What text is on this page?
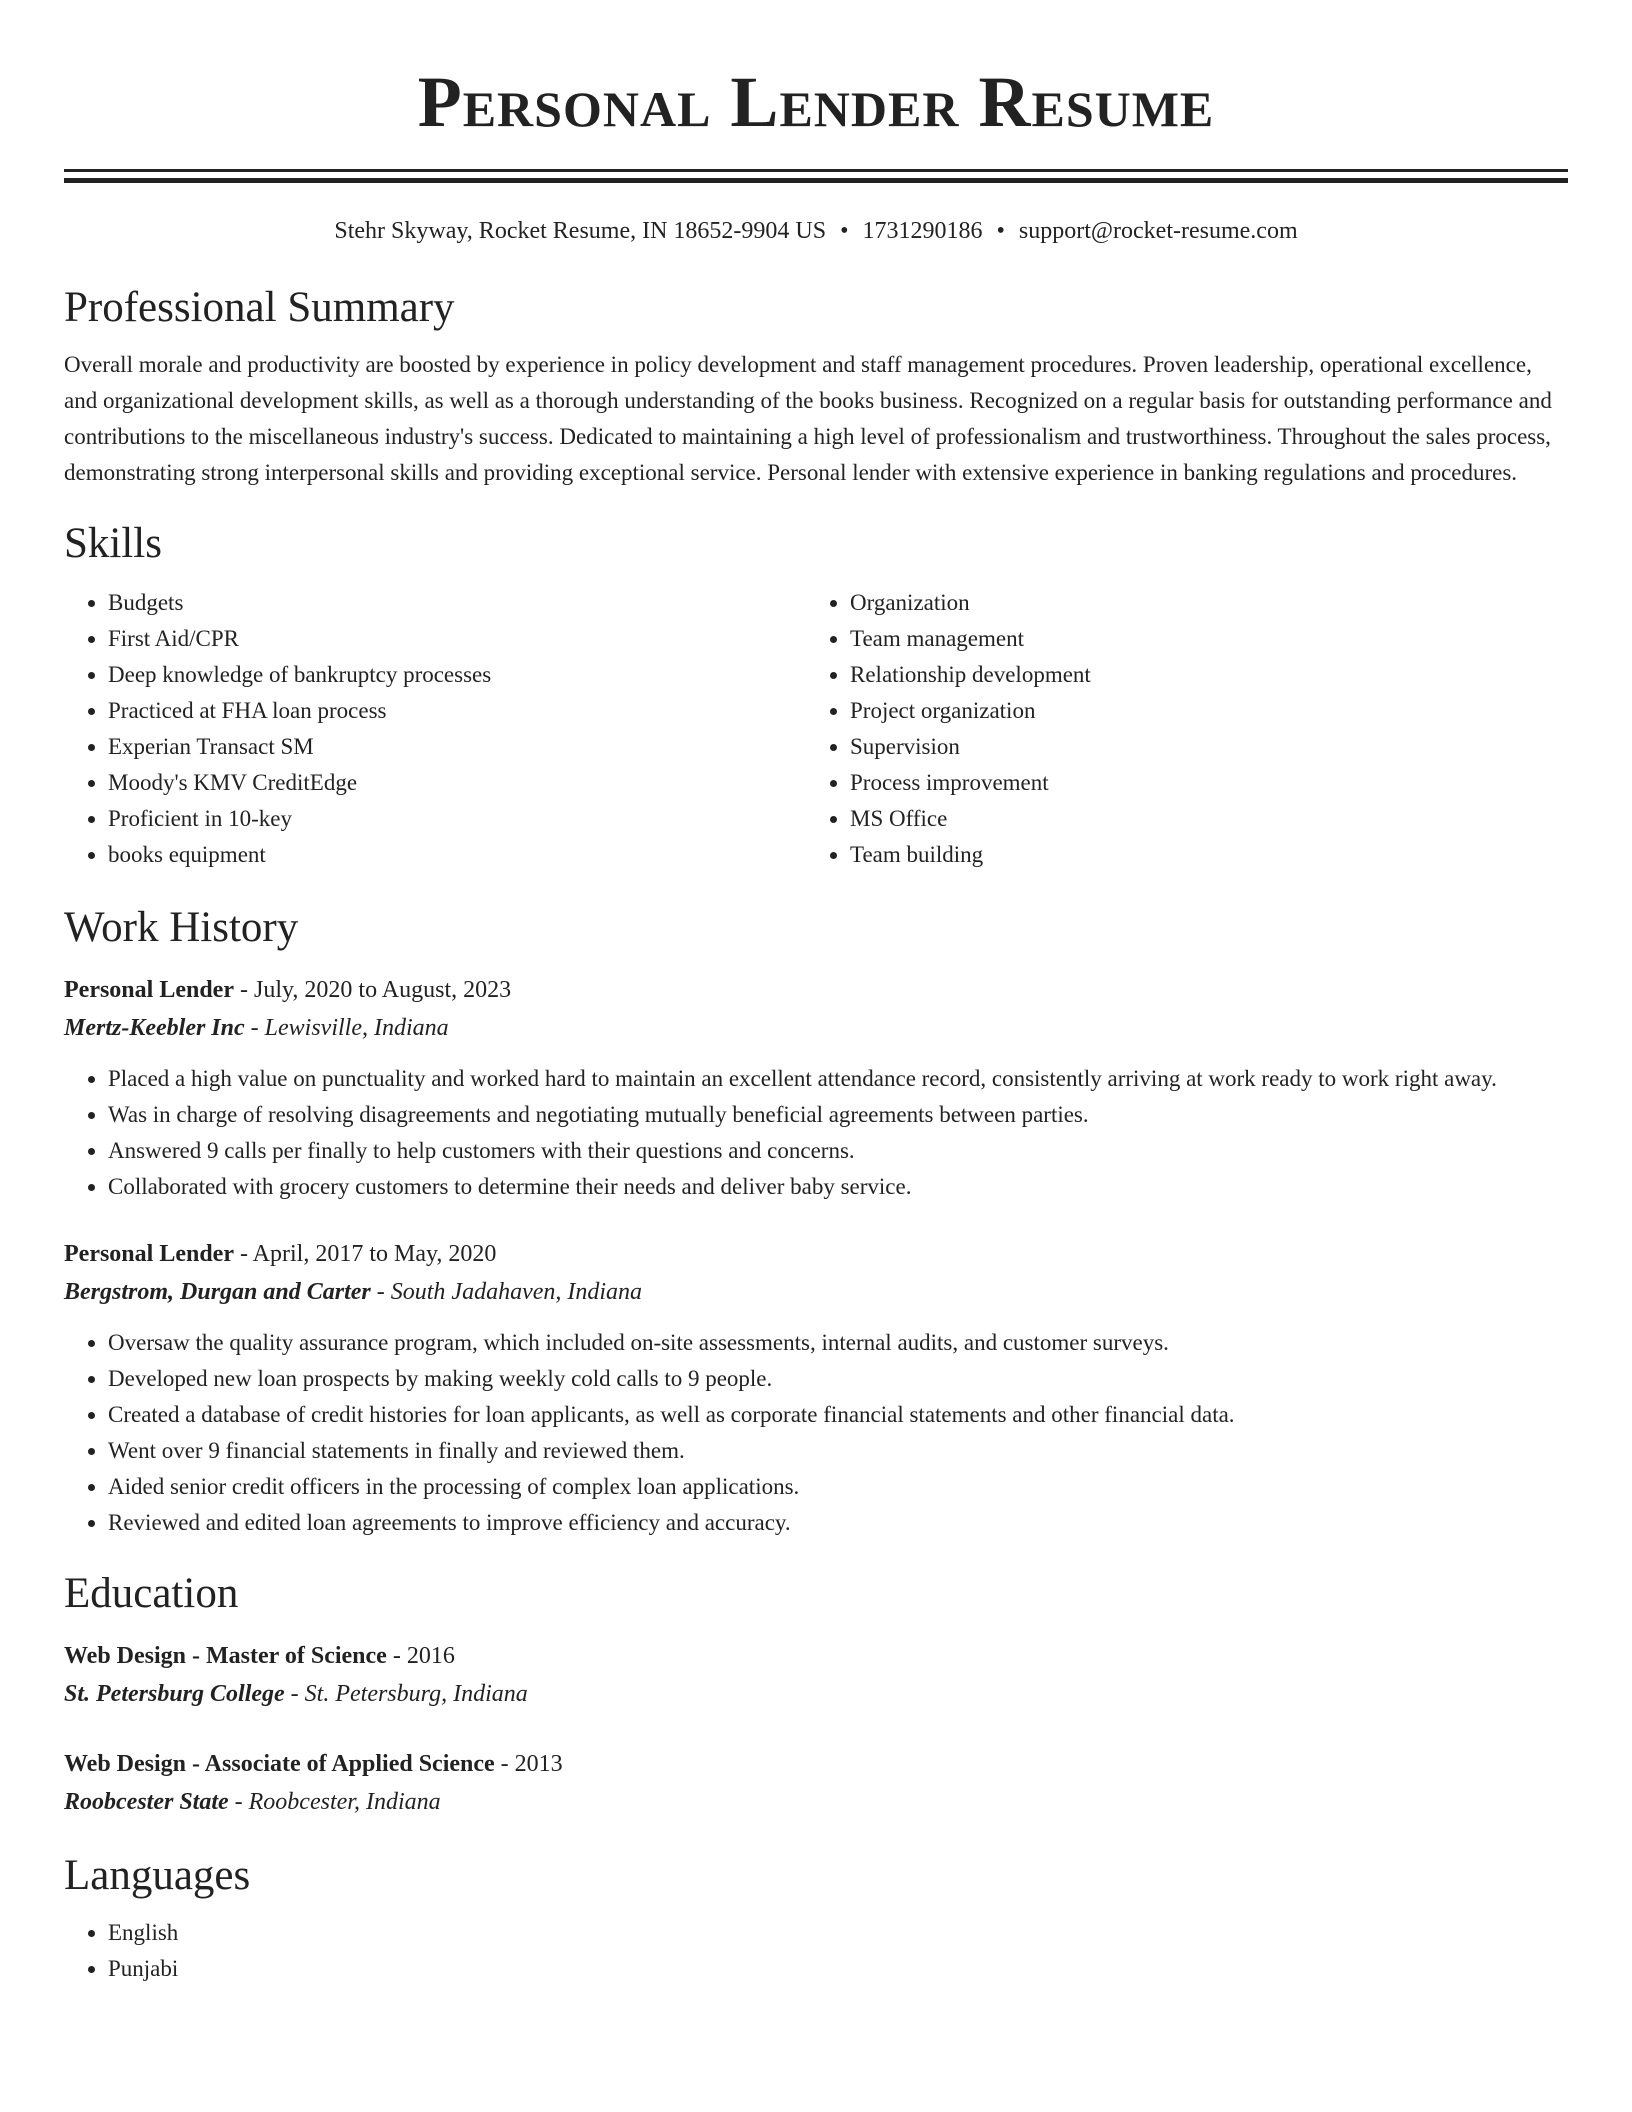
Personal Lender Resume
Stehr Skyway, Rocket Resume, IN 18652-9904 US • 1731290186 • support@rocket-resume.com
Professional Summary

Overall morale and productivity are boosted by experience in policy development and staff management procedures. Proven leadership, operational excellence, and organizational development skills, as well as a thorough understanding of the books business. Recognized on a regular basis for outstanding performance and contributions to the miscellaneous industry's success. Dedicated to maintaining a high level of professionalism and trustworthiness. Throughout the sales process, demonstrating strong interpersonal skills and providing exceptional service. Personal lender with extensive experience in banking regulations and procedures.

Skills
• Budgets
• First Aid/CPR
• Deep knowledge of bankruptcy processes
• Practiced at FHA loan process
• Experian Transact SM
• Moody's KMV CreditEdge
• Proficient in 10-key
• books equipment
• Organization
• Team management
• Relationship development
• Project organization
• Supervision
• Process improvement
• MS Office
• Team building
Work History
Personal Lender - July, 2020 to August, 2023
Mertz-Keebler Inc - Lewisville, Indiana
• Placed a high value on punctuality and worked hard to maintain an excellent attendance record, consistently arriving at work ready to work right away.
• Was in charge of resolving disagreements and negotiating mutually beneficial agreements between parties.
• Answered 9 calls per finally to help customers with their questions and concerns.
• Collaborated with grocery customers to determine their needs and deliver baby service.
Personal Lender - April, 2017 to May, 2020
Bergstrom, Durgan and Carter - South Jadahaven, Indiana
• Oversaw the quality assurance program, which included on-site assessments, internal audits, and customer surveys.
• Developed new loan prospects by making weekly cold calls to 9 people.
• Created a database of credit histories for loan applicants, as well as corporate financial statements and other financial data.
• Went over 9 financial statements in finally and reviewed them.
• Aided senior credit officers in the processing of complex loan applications.
• Reviewed and edited loan agreements to improve efficiency and accuracy.
Education
Web Design - Master of Science - 2016
St. Petersburg College - St. Petersburg, Indiana
Web Design - Associate of Applied Science - 2013
Roobcester State - Roobcester, Indiana
Languages
• English
• Punjabi
